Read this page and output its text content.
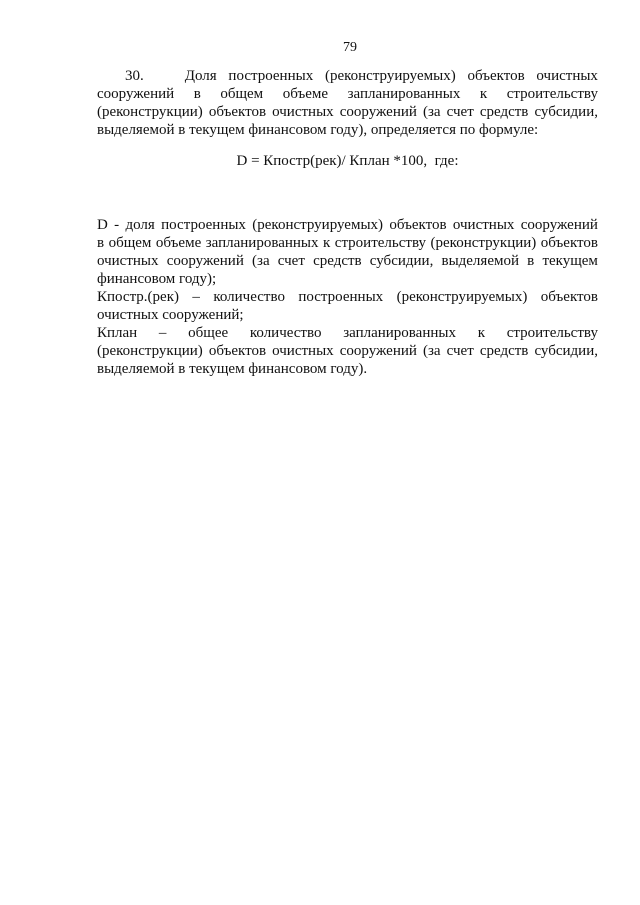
79
30.	Доля построенных (реконструируемых) объектов очистных
сооружений в общем объеме запланированных к строительству
(реконструкции) объектов очистных сооружений (за счет средств субсидии,
выделяемой в текущем финансовом году), определяется по формуле:
D = Кпостр(рек)/ Кплан *100,  где:
D - доля построенных (реконструируемых) объектов очистных сооружений
в общем объеме запланированных к строительству (реконструкции) объектов
очистных сооружений (за счет средств субсидии, выделяемой в текущем
финансовом году);
Кпостр.(рек) – количество построенных (реконструируемых) объектов
очистных сооружений;
Кплан – общее количество запланированных к строительству
(реконструкции) объектов очистных сооружений (за счет средств субсидии,
выделяемой в текущем финансовом году).
